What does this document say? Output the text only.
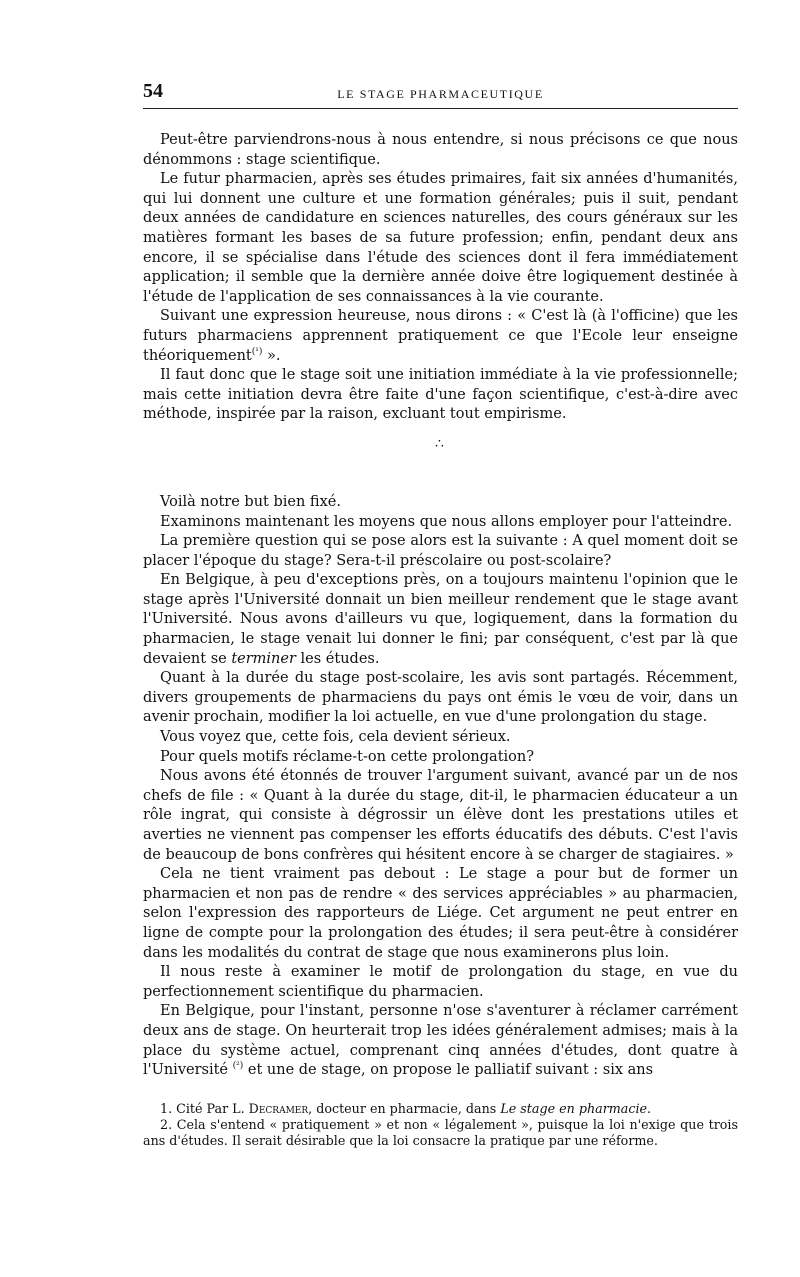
54	LE STAGE PHARMACEUTIQUE

Peut-être parviendrons-nous à nous entendre, si nous précisons ce que nous dénommons : stage scientifique.

Le futur pharmacien, après ses études primaires, fait six années d'humanités, qui lui donnent une culture et une formation générales; puis il suit, pendant deux années de candidature en sciences naturelles, des cours généraux sur les matières formant les bases de sa future profession; enfin, pendant deux ans encore, il se spécialise dans l'étude des sciences dont il fera immédiatement application; il semble que la dernière année doive être logiquement destinée à l'étude de l'application de ses connaissances à la vie courante.

Suivant une expression heureuse, nous dirons : « C'est là (à l'officine) que les futurs pharmaciens apprennent pratiquement ce que l'Ecole leur enseigne théoriquement$^{(^1)}$ ».

Il faut donc que le stage soit une initiation immédiate à la vie professionnelle; mais cette initiation devra être faite d'une façon scientifique, c'est-à-dire avec méthode, inspirée par la raison, excluant tout empirisme.

∴

Voilà notre but bien fixé.

Examinons maintenant les moyens que nous allons employer pour l'atteindre.

La première question qui se pose alors est la suivante : A quel moment doit se placer l'époque du stage? Sera-t-il préscolaire ou post-scolaire?

En Belgique, à peu d'exceptions près, on a toujours maintenu l'opinion que le stage après l'Université donnait un bien meilleur rendement que le stage avant l'Université. Nous avons d'ailleurs vu que, logiquement, dans la formation du pharmacien, le stage venait lui donner le fini; par conséquent, c'est par là que devaient se terminer les études.

Quant à la durée du stage post-scolaire, les avis sont partagés. Récemment, divers groupements de pharmaciens du pays ont émis le vœu de voir, dans un avenir prochain, modifier la loi actuelle, en vue d'une prolongation du stage.

Vous voyez que, cette fois, cela devient sérieux.

Pour quels motifs réclame-t-on cette prolongation?

Nous avons été étonnés de trouver l'argument suivant, avancé par un de nos chefs de file : « Quant à la durée du stage, dit-il, le pharmacien éducateur a un rôle ingrat, qui consiste à dégrossir un élève dont les prestations utiles et averties ne viennent pas compenser les efforts éducatifs des débuts. C'est l'avis de beaucoup de bons confrères qui hésitent encore à se charger de stagiaires. »

Cela ne tient vraiment pas debout : Le stage a pour but de former un pharmacien et non pas de rendre « des services appréciables » au pharmacien, selon l'expression des rapporteurs de Liége. Cet argument ne peut entrer en ligne de compte pour la prolongation des études; il sera peut-être à considérer dans les modalités du contrat de stage que nous examinerons plus loin.

Il nous reste à examiner le motif de prolongation du stage, en vue du perfectionnement scientifique du pharmacien.

En Belgique, pour l'instant, personne n'ose s'aventurer à réclamer carrément deux ans de stage. On heurterait trop les idées généralement admises; mais à la place du système actuel, comprenant cinq années d'études, dont quatre à l'Université $^{(^2)}$ et une de stage, on propose le palliatif suivant : six ans

1. Cité Par L. Decramer, docteur en pharmacie, dans Le stage en pharmacie.

2. Cela s'entend « pratiquement » et non « légalement », puisque la loi n'exige que trois ans d'études. Il serait désirable que la loi consacre la pratique par une réforme.
